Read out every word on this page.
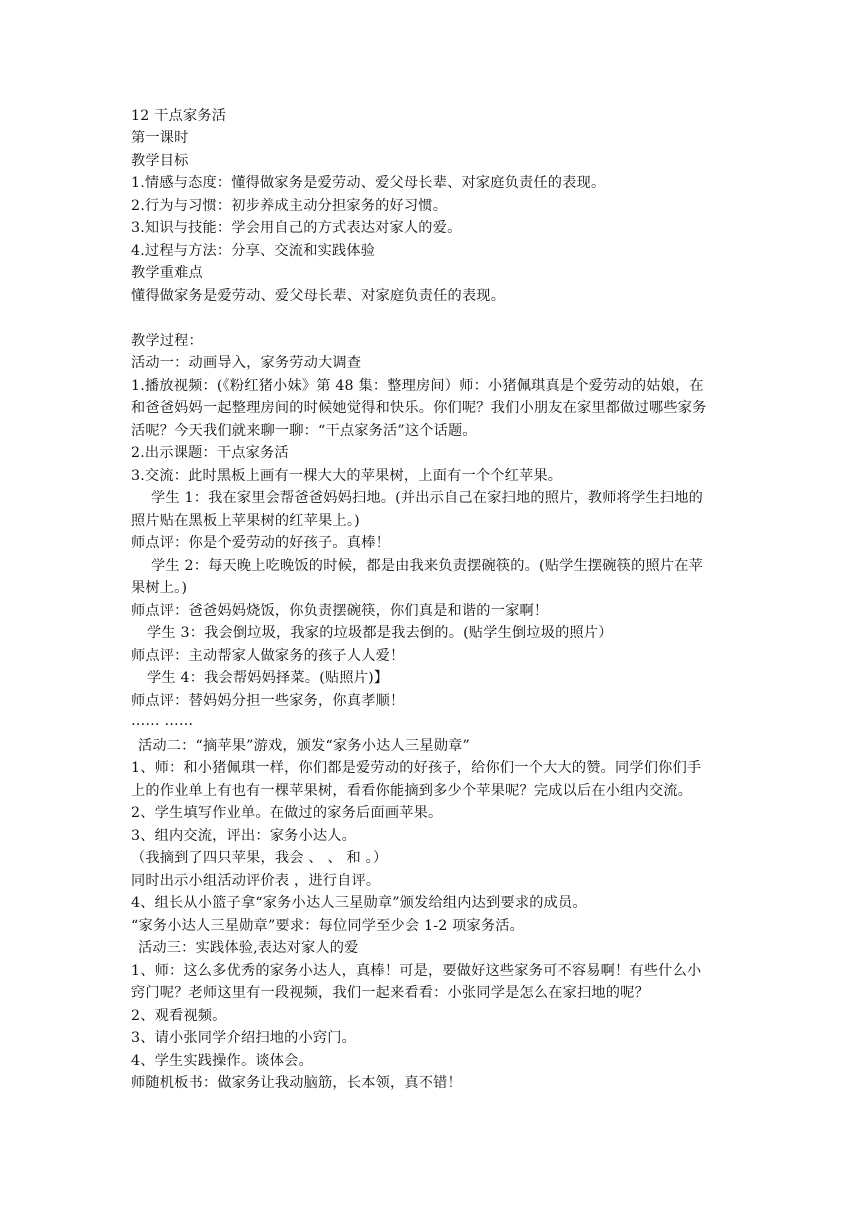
12 干点家务活
第一课时
教学目标
1.情感与态度：懂得做家务是爱劳动、爱父母长辈、对家庭负责任的表现。
2.行为与习惯：初步养成主动分担家务的好习惯。
3.知识与技能：学会用自己的方式表达对家人的爱。
4.过程与方法：分享、交流和实践体验
教学重难点
懂得做家务是爱劳动、爱父母长辈、对家庭负责任的表现。
教学过程：
活动一：动画导入，家务劳动大调查
1.播放视频：(《粉红猪小妹》第 48 集：整理房间）师：小猪佩琪真是个爱劳动的姑娘，在
和爸爸妈妈一起整理房间的时候她觉得和快乐。你们呢？我们小朋友在家里都做过哪些家务
活呢？今天我们就来聊一聊：“干点家务活”这个话题。
2.出示课题：干点家务活
3.交流：此时黑板上画有一棵大大的苹果树，上面有一个个红苹果。
学生 1：我在家里会帮爸爸妈妈扫地。(并出示自己在家扫地的照片，教师将学生扫地的
照片贴在黑板上苹果树的红苹果上。)
师点评：你是个爱劳动的好孩子。真棒！
学生 2：每天晚上吃晚饭的时候，都是由我来负责摆碗筷的。(贴学生摆碗筷的照片在苹
果树上。)
师点评：爸爸妈妈烧饭，你负责摆碗筷，你们真是和谐的一家啊！
学生 3：我会倒垃圾，我家的垃圾都是我去倒的。(贴学生倒垃圾的照片）
师点评：主动帮家人做家务的孩子人人爱！
学生 4：我会帮妈妈择菜。(贴照片)】
师点评：替妈妈分担一些家务，你真孝顺！
…… ……
活动二：“摘苹果”游戏，颁发“家务小达人三星勋章”
1、师：和小猪佩琪一样，你们都是爱劳动的好孩子，给你们一个大大的赞。同学们你们手
上的作业单上有也有一棵苹果树，看看你能摘到多少个苹果呢？完成以后在小组内交流。
2、学生填写作业单。在做过的家务后面画苹果。
3、组内交流，评出：家务小达人。
（我摘到了四只苹果，我会 、 、 和 。）
同时出示小组活动评价表 ，进行自评。
4、组长从小篮子拿“家务小达人三星勋章”颁发给组内达到要求的成员。
“家务小达人三星勋章”要求：每位同学至少会 1-2 项家务活。
活动三：实践体验,表达对家人的爱
1、师：这么多优秀的家务小达人，真棒！可是，要做好这些家务可不容易啊！有些什么小
窍门呢？老师这里有一段视频，我们一起来看看：小张同学是怎么在家扫地的呢？
2、观看视频。
3、请小张同学介绍扫地的小窍门。
4、学生实践操作。谈体会。
师随机板书：做家务让我动脑筋，长本领，真不错！
